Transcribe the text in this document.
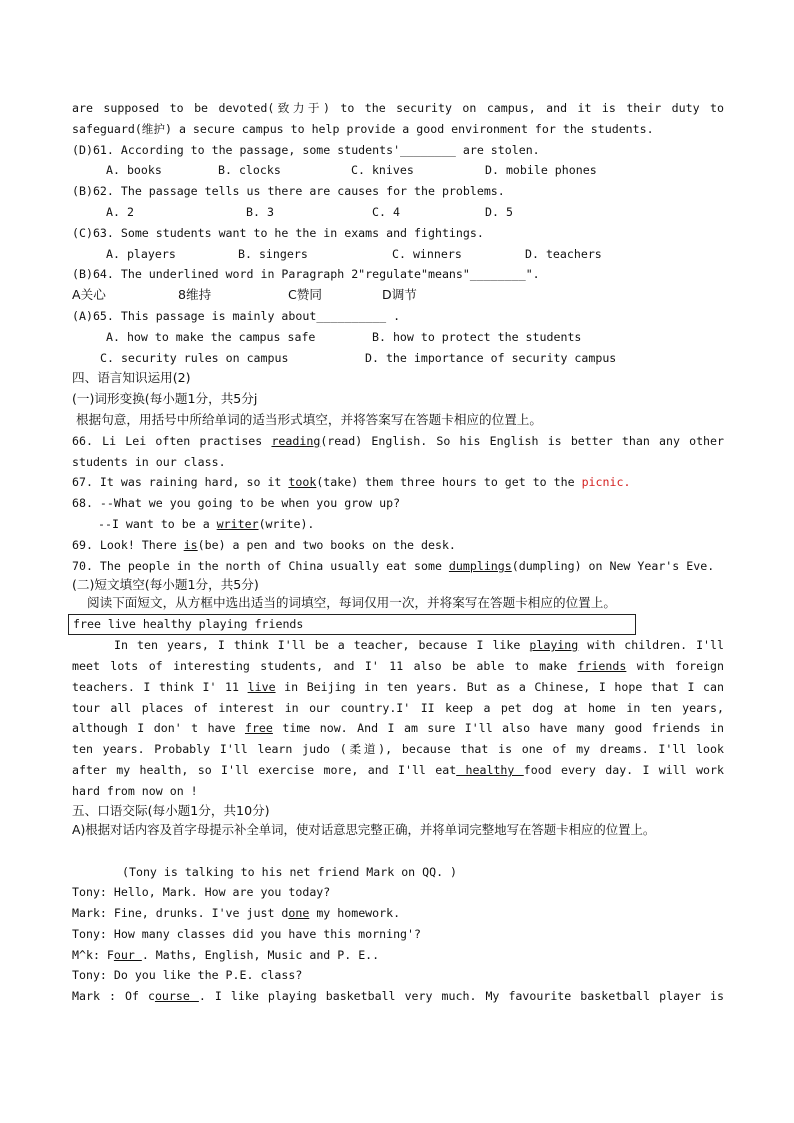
are supposed to be devoted(致力于) to the security on campus, and it is their duty to
safeguard(维护) a secure campus to help provide a good environment for the students.
(D)61. According to the passage, some students'________ are stolen.
A. books	B. clocks	C. knives	D. mobile phones
(B)62. The passage tells us there are causes for the problems.
A. 2	B. 3	C. 4	D. 5
(C)63. Some students want to he the in exams and fightings.
A. players	B. singers	C. winners	D. teachers
(B)64. The underlined word in Paragraph 2"regulate"means"________".
A关心	8维持	C赞同	D调节
(A)65. This passage is mainly about__________ .
A. how to make the campus safe	B. how to protect the students
C. security rules on campus	D. the importance of security campus
四、语言知识运用(2)
(一)词形变换(每小题1分，共5分j
根据句意，用括号中所给单词的适当形式填空，并将答案写在答题卡相应的位置上。
66. Li Lei often practises reading(read) English. So his English is better than any other
students in our class.
67. It was raining hard, so it took(take) them three hours to get to the picnic.
68. --What we you going to be when you grow up?
--I want to be a writer(write).
69. Look! There is(be) a pen and two books on the desk.
70. The people in the north of China usually eat some dumplings(dumpling) on New Year's Eve.
(二)短文填空(每小题1分，共5分)
阅读下面短文，从方框中选出适当的词填空，每词仅用一次，并将案写在答题卡相应的位置上。
free live healthy playing friends
In ten years, I think I'll be a teacher, because I like playing with children. I'll
meet lots of interesting students, and I' 11 also be able to make friends with foreign
teachers. I think I' 11 live in Beijing in ten years. But as a Chinese, I hope that I can
tour all places of interest in our country.I' II keep a pet dog at home in ten years,
although I don' t have free time now. And I am sure I'll also have many good friends in
ten years. Probably I'll learn judo (柔道), because that is one of my dreams. I'll look
after my health, so I'll exercise more, and I'll eat healthy food every day. I will work
hard from now on !
五、口语交际(每小题1分，共10分)
A)根据对话内容及首字母提示补全单词，使对话意思完整正确，并将单词完整地写在答题卡相应的位置上。
(Tony is talking to his net friend Mark on QQ. )
Tony: Hello, Mark. How are you today?
Mark: Fine, drunks. I've just done my homework.
Tony: How many classes did you have this morning'?
M^k: Four . Maths, English, Music and P. E..
Tony: Do you like the P.E. class?
Mark : Of course . I like playing basketball very much. My favourite basketball player is
